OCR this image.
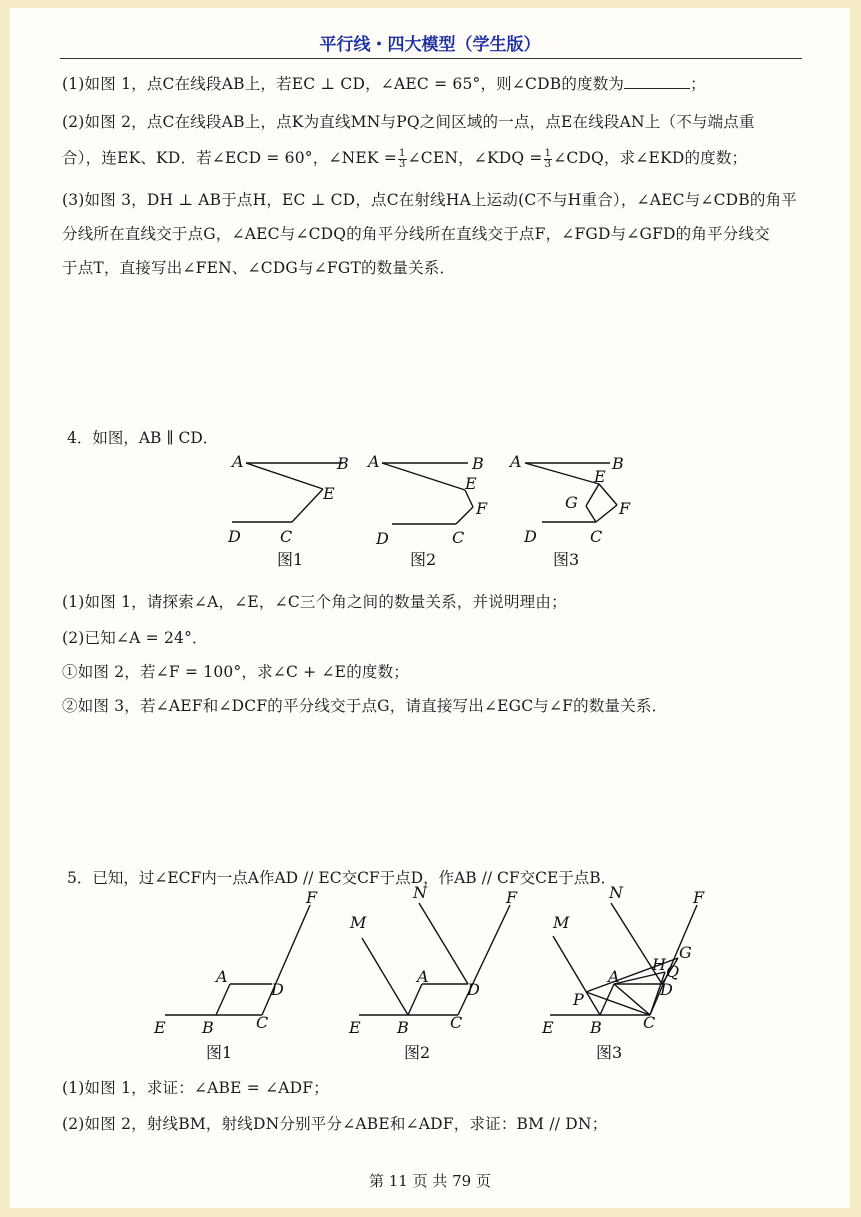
平行线・四大模型（学生版）
(1)如图 1，点C在线段AB上，若EC ⊥ CD，∠AEC = 65°，则∠CDB的度数为	；
(2)如图 2，点C在线段AB上，点K为直线MN与PQ之间区域的一点，点E在线段AN上（不与端点重
合），连EK、KD．若∠ECD = 60°，∠NEK = $\frac{1}{3}$ ∠CEN，∠KDQ = $\frac{1}{3}$ ∠CDQ，求∠EKD的度数；
(3)如图 3，DH ⊥ AB于点H，EC ⊥ CD，点C在射线HA上运动(C不与H重合），∠AEC与∠CDB的角平
分线所在直线交于点G，∠AEC与∠CDQ的角平分线所在直线交于点F，∠FGD与∠GFD的角平分线交
于点T，直接写出∠FEN、∠CDG与∠FGT的数量关系．
4．如图，AB ∥ CD．
A	B
E
C
D
图1
A	B
E
F
C
D
图2
A	B
E
F
G
C
D
图3
(1)如图 1，请探索∠A，∠E，∠C三个角之间的数量关系，并说明理由；
(2)已知∠A = 24°．
①如图 2，若∠F = 100°，求∠C + ∠E的度数；
②如图 3，若∠AEF和∠DCF的平分线交于点G，请直接写出∠EGC与∠F的数量关系．
5．已知，过∠ECF内一点A作AD // EC交CF于点D，作AB // CF交CE于点B．
F
A
D
E B	C
图1
M
N	F
A
D
E B	C
图2
M
N	F
G
H Q
A
D
P
E B	C
图3
(1)如图 1，求证：∠ABE = ∠ADF；
(2)如图 2，射线BM，射线DN分别平分∠ABE和∠ADF，求证：BM // DN；
第 11 页 共 79 页
